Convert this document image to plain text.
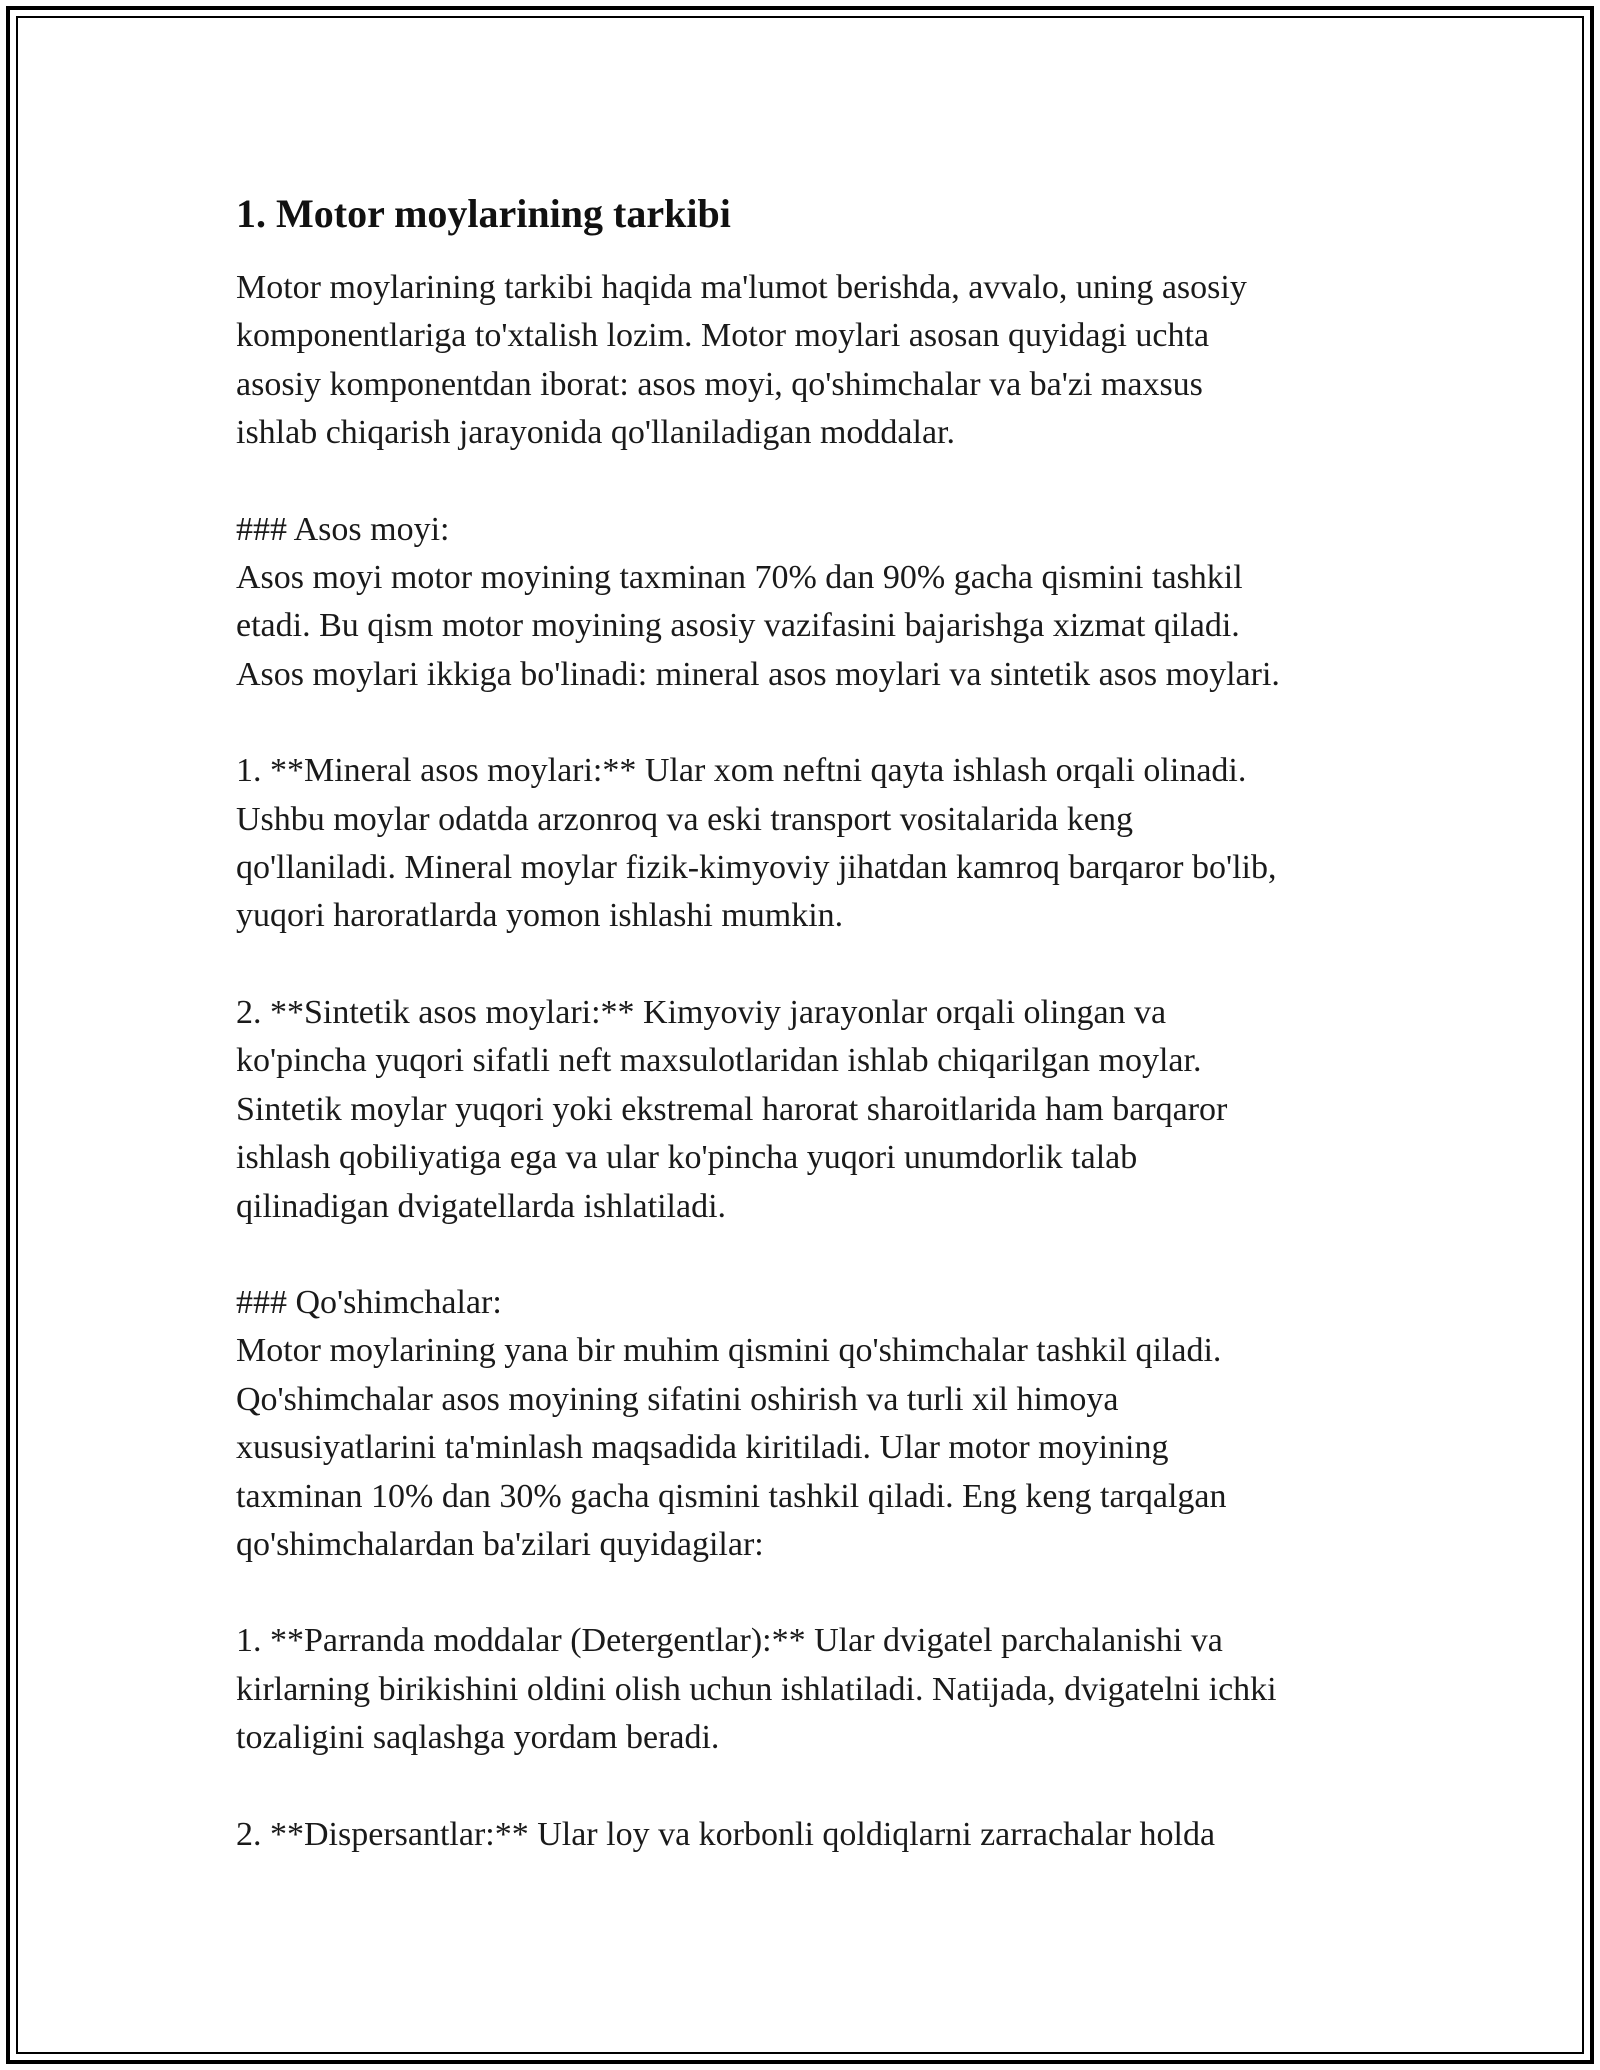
1. Motor moylarining tarkibi

Motor moylarining tarkibi haqida ma'lumot berishda, avvalo, uning asosiy
komponentlariga to'xtalish lozim. Motor moylari asosan quyidagi uchta
asosiy komponentdan iborat: asos moyi, qo'shimchalar va ba'zi maxsus
ishlab chiqarish jarayonida qo'llaniladigan moddalar.

### Asos moyi:
Asos moyi motor moyining taxminan 70% dan 90% gacha qismini tashkil
etadi. Bu qism motor moyining asosiy vazifasini bajarishga xizmat qiladi.
Asos moylari ikkiga bo'linadi: mineral asos moylari va sintetik asos moylari.

1. **Mineral asos moylari:** Ular xom neftni qayta ishlash orqali olinadi.
Ushbu moylar odatda arzonroq va eski transport vositalarida keng
qo'llaniladi. Mineral moylar fizik-kimyoviy jihatdan kamroq barqaror bo'lib,
yuqori haroratlarda yomon ishlashi mumkin.

2. **Sintetik asos moylari:** Kimyoviy jarayonlar orqali olingan va
ko'pincha yuqori sifatli neft maxsulotlaridan ishlab chiqarilgan moylar.
Sintetik moylar yuqori yoki ekstremal harorat sharoitlarida ham barqaror
ishlash qobiliyatiga ega va ular ko'pincha yuqori unumdorlik talab
qilinadigan dvigatellarda ishlatiladi.

### Qo'shimchalar:
Motor moylarining yana bir muhim qismini qo'shimchalar tashkil qiladi.
Qo'shimchalar asos moyining sifatini oshirish va turli xil himoya
xususiyatlarini ta'minlash maqsadida kiritiladi. Ular motor moyining
taxminan 10% dan 30% gacha qismini tashkil qiladi. Eng keng tarqalgan
qo'shimchalardan ba'zilari quyidagilar:

1. **Parranda moddalar (Detergentlar):** Ular dvigatel parchalanishi va
kirlarning birikishini oldini olish uchun ishlatiladi. Natijada, dvigatelni ichki
tozaligini saqlashga yordam beradi.

2. **Dispersantlar:** Ular loy va korbonli qoldiqlarni zarrachalar holda
